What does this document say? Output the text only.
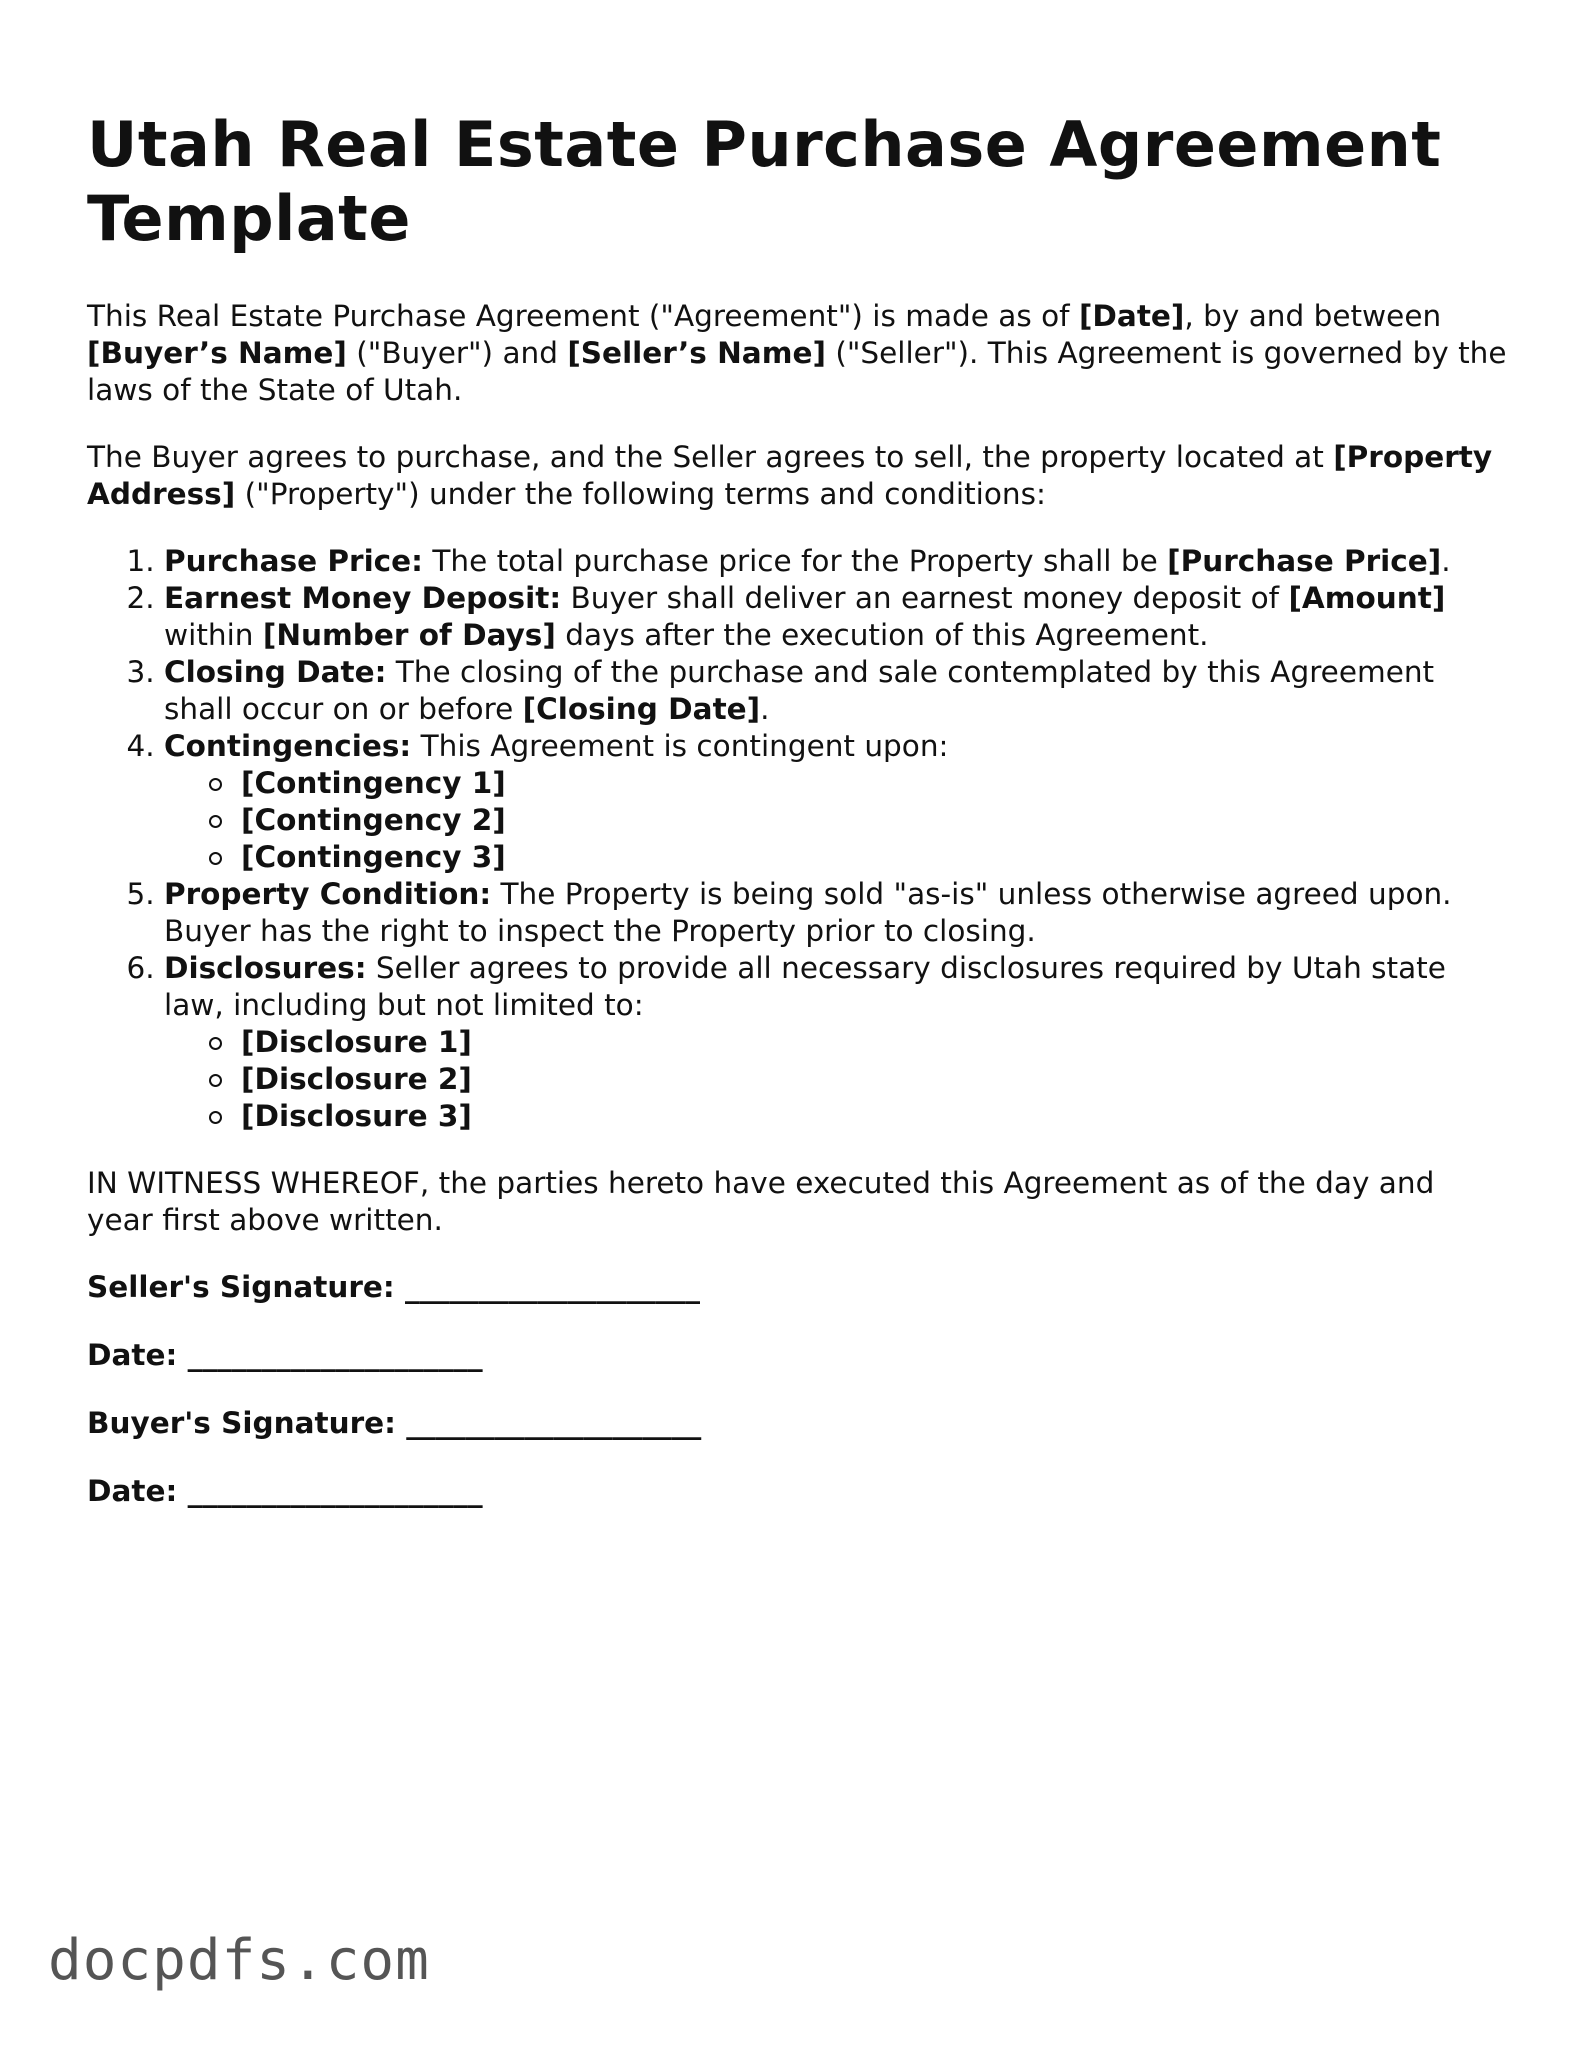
Utah Real Estate Purchase Agreement Template

This Real Estate Purchase Agreement ("Agreement") is made as of [Date], by and between [Buyer’s Name] ("Buyer") and [Seller’s Name] ("Seller"). This Agreement is governed by the laws of the State of Utah.

The Buyer agrees to purchase, and the Seller agrees to sell, the property located at [Property Address] ("Property") under the following terms and conditions:

1. Purchase Price: The total purchase price for the Property shall be [Purchase Price].
2. Earnest Money Deposit: Buyer shall deliver an earnest money deposit of [Amount] within [Number of Days] days after the execution of this Agreement.
3. Closing Date: The closing of the purchase and sale contemplated by this Agreement shall occur on or before [Closing Date].
4. Contingencies: This Agreement is contingent upon:
[Contingency 1]
[Contingency 2]
[Contingency 3]
5. Property Condition: The Property is being sold "as-is" unless otherwise agreed upon. Buyer has the right to inspect the Property prior to closing.
6. Disclosures: Seller agrees to provide all necessary disclosures required by Utah state law, including but not limited to:
[Disclosure 1]
[Disclosure 2]
[Disclosure 3]

IN WITNESS WHEREOF, the parties hereto have executed this Agreement as of the day and year first above written.

Seller's Signature: ____________________
Date: ____________________
Buyer's Signature: ____________________
Date: ____________________
docpdfs.com
